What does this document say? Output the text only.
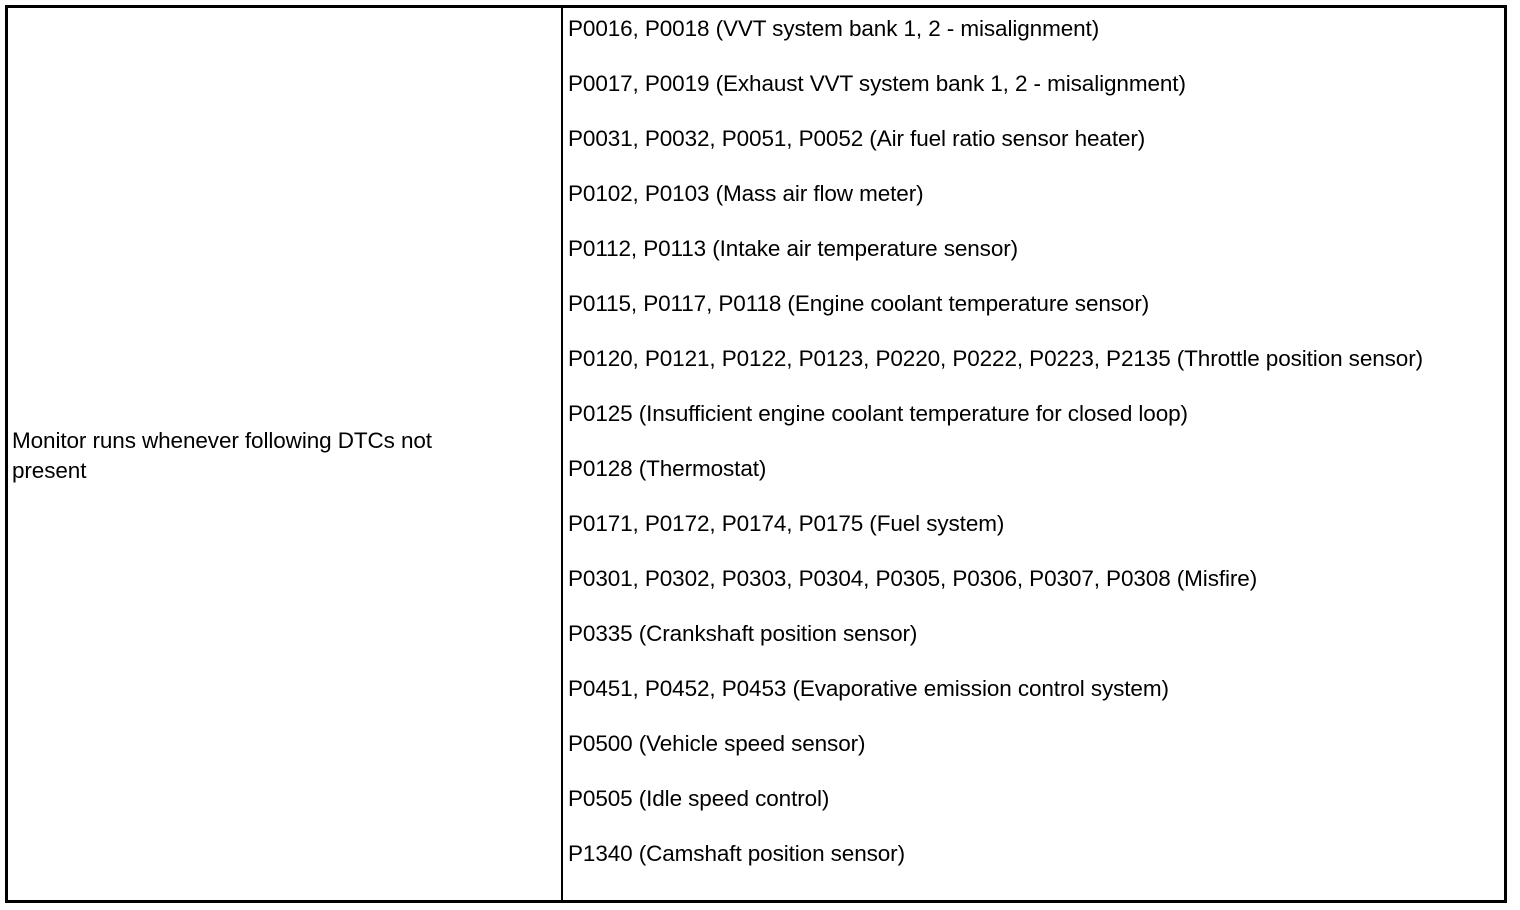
Monitor runs whenever following DTCs not present
P0016, P0018 (VVT system bank 1, 2 - misalignment)
P0017, P0019 (Exhaust VVT system bank 1, 2 - misalignment)
P0031, P0032, P0051, P0052 (Air fuel ratio sensor heater)
P0102, P0103 (Mass air flow meter)
P0112, P0113 (Intake air temperature sensor)
P0115, P0117, P0118 (Engine coolant temperature sensor)
P0120, P0121, P0122, P0123, P0220, P0222, P0223, P2135 (Throttle position sensor)
P0125 (Insufficient engine coolant temperature for closed loop)
P0128 (Thermostat)
P0171, P0172, P0174, P0175 (Fuel system)
P0301, P0302, P0303, P0304, P0305, P0306, P0307, P0308 (Misfire)
P0335 (Crankshaft position sensor)
P0451, P0452, P0453 (Evaporative emission control system)
P0500 (Vehicle speed sensor)
P0505 (Idle speed control)
P1340 (Camshaft position sensor)
